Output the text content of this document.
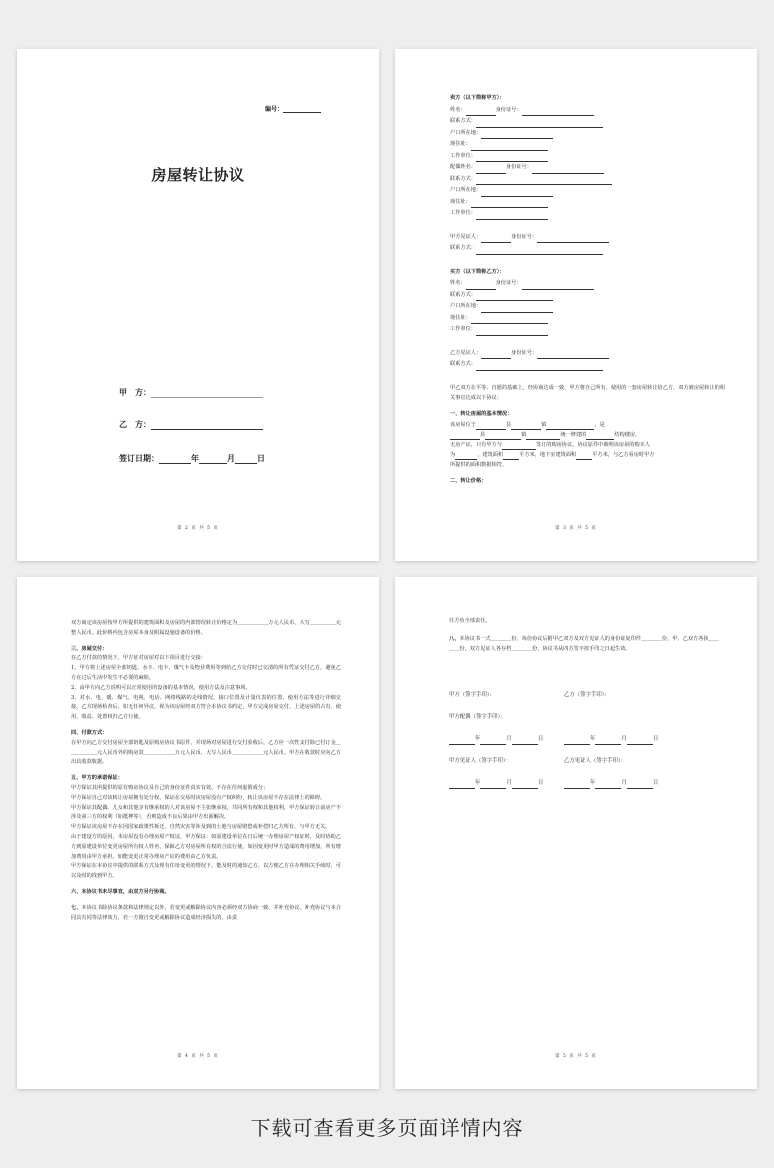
编号：
房屋转让协议
甲　方：
乙　方：
签订日期：	年	月	日
第 2 页 共 5 页
卖方（以下简称甲方）：
姓名：	身份证号：
联系方式：
户口所在地：
现住址：
工作单位：
配偶姓名：	身份证号：
联系方式：
户口所在地：
现住址：
工作单位：
甲方见证人：	身份证号：
联系方式：
买方（以下简称乙方）：
姓名：	身份证号：
联系方式：
户口所在地：
现住址：
工作单位：
乙方见证人：	身份证号：
联系方式：
甲乙双方在平等、自愿的基础上，经协商达成一致，甲方将自己所有、使用的一套房屋转让给乙方，双方就房屋转让的相关事宜达成以下协议：
一、转让房屋的基本情况：
该房屋位于	县	镇	，是
县	镇	统一修建的	结构楼房，
无房产证，只有甲方与	签订的购房协议，协议原件中载明该房屋的购买人
为	，建筑面积	平方米，地下室建筑面积	平方米，与乙方看房时甲方
所提供的面积数据相符。
二、转让价格：
第 3 页 共 5 页

双方商定该房屋按甲方所提供的建筑面积及房屋的内部情况转让价格定为＿＿＿＿＿＿万元人民币，大写＿＿＿＿＿元整人民币。此价格内包含房屋本身及附属设施设备的价格。

三、房屋交付：

在乙方付款的情况下，甲方征对房屋对以下项目进行交接：

1、甲方将上述房屋全部钥匙、水卡、电卡、煤气卡及物业费用等到给乙方交付时已交清的所有凭证交付乙方，避免乙方在过后生活中发生不必要的麻烦。

2、由甲方向乙方说明可以正常使用的设备的基本情况、使用方法及注意事项。

3、对水、电、暖、煤气、电视、电话、网络线路的走线情况，接口位置及计量仪表的位置、使用方法等进行详细交接。乙方现场检查后，如无任何异议，视为该房屋经双方符合本协议书约定，甲方完成房屋交付，上述房屋的占有、使用、收益、处置权归乙方行使。

四、付款方式：

在甲方向乙方交付房屋全部钥匙及原购房协议书原件，并现场对房屋进行交付验收后，乙方应一次性支付除已付订金＿＿＿＿＿＿元人民币外的购房款＿＿＿＿＿＿万元人民币，大写人民币＿＿＿＿＿＿元人民币。甲方在收款时应向乙方出具收款收据。

五、甲方的承诺保证：

甲方保证其所提供的原有购房协议及自己的身份证件真实有效，不存在任何虚假成分；

甲方保证自己对该转让房屋拥有处分权，保证在交易时该房屋没有产权纠纷，转让该房屋不存在法律上的障碍。

甲方保证其配偶、儿女和其他享有继承权的人对该房屋不主张继承权，共同所有权和其他权利，甲方保证转让前房产不涉及第三方的权利（如抵押等），否则造成不良后果由甲方出面解决。

甲方保证该房屋不存在因国家政策性拆迁、自然灾害等涉及到的土地与房屋赔偿或补偿归乙方所有，与甲方无关。

由于建设方的原因，本房屋没有办理房屋产权证，甲方保证：如原建设单位在日后统一办理房屋产权证时，及时协助乙方到原建设单位变更房屋所有权人姓名，保障乙方对房屋所有权的合法行使。如因变更时甲方造成的费用增加，所有增加费用由甲方承担，如能变更正常办理房产证的费用由乙方负责。

甲方保证在本协议中提供的联系方式及现有住址变更的情况下，能及时的通知乙方，以方便乙方在办理相关手续时，可以及时的找到甲方。

六、本协议书未尽事宜，由双方另行协商。

七、本协议书除协议条款和法律规定以外，若变更或解除协议内容必须经双方协商一致，并补充协议。补充协议与本合同具有同等法律效力，若一方擅自变更或解除协议造成经济损失的，由责

第 4 页 共 5 页

任方负全部责任。

八、本协议书一式＿＿＿＿份，每份协议后附甲乙双方及双方见证人的身份证复印件＿＿＿＿份，甲、乙双方各执＿＿＿＿份，双方见证人各存档＿＿＿＿份，协议书从四方签字按手印之日起生效。

甲方（签字手印）：	乙方（签字手印）：
甲方配偶（签字手印）：
年	月	日	年	月	日
甲方见证人（签字手印）：	乙方见证人（签字手印）：
年	月	日	年	月	日
第 5 页 共 5 页
下载可查看更多页面详情内容
